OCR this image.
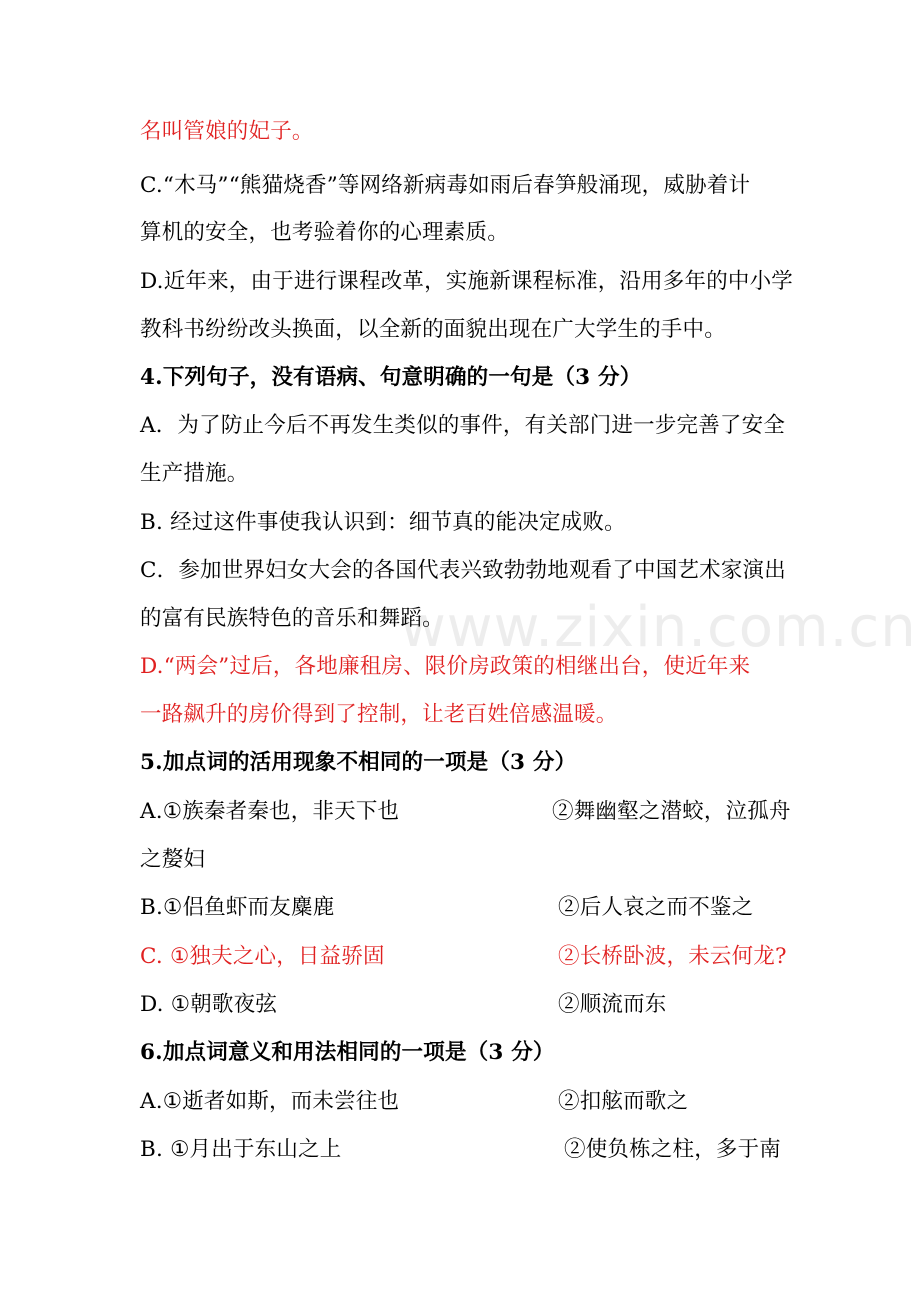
www.zixin.com.cn
名叫管娘的妃子。
C.“木马”“熊猫烧香”等网络新病毒如雨后春笋般涌现，威胁着计
算机的安全，也考验着你的心理素质。
D.近年来，由于进行课程改革，实施新课程标准，沿用多年的中小学
教科书纷纷改头换面，以全新的面貌出现在广大学生的手中。
4.下列句子，没有语病、句意明确的一句是（3 分）
A．为了防止今后不再发生类似的事件，有关部门进一步完善了安全
生产措施。
B. 经过这件事使我认识到：细节真的能决定成败。
C．参加世界妇女大会的各国代表兴致勃勃地观看了中国艺术家演出
的富有民族特色的音乐和舞蹈。
D.“两会”过后，各地廉租房、限价房政策的相继出台，使近年来
一路飙升的房价得到了控制，让老百姓倍感温暖。
5.加点词的活用现象不相同的一项是（3 分）
A.①族秦者秦也，非天下也	②舞幽壑之潜蛟，泣孤舟
之嫠妇
B.①侣鱼虾而友麋鹿	②后人哀之而不鉴之
C. ①独夫之心，日益骄固	②长桥卧波，未云何龙?
D. ①朝歌夜弦	②顺流而东
6.加点词意义和用法相同的一项是（3 分）
A.①逝者如斯，而未尝往也	②扣舷而歌之
B. ①月出于东山之上	②使负栋之柱，多于南
